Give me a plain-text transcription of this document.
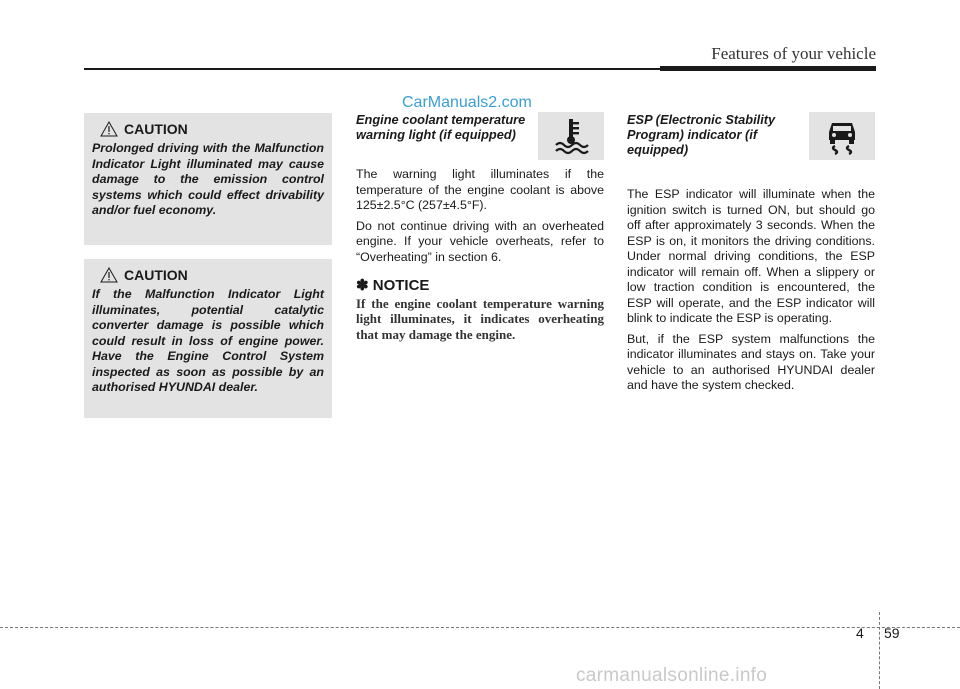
Features of your vehicle
CarManuals2.com
CAUTION
Prolonged driving with the Malfunction Indicator Light illuminated may cause damage to the emission control systems which could effect drivability and/or fuel economy.
CAUTION
If the Malfunction Indicator Light illuminates, potential catalytic converter damage is possible which could result in loss of engine power. Have the Engine Control System inspected as soon as possible by an authorised HYUNDAI dealer.
Engine coolant temperature warning light (if equipped)

The warning light illuminates if the temperature of the engine coolant is above 125±2.5°C (257±4.5°F).

Do not continue driving with an overheated engine. If your vehicle overheats, refer to “Overheating” in section 6.

✽ NOTICE
If the engine coolant temperature warning light illuminates, it indicates overheating that may damage the engine.
ESP (Electronic Stability Program) indicator (if equipped)

The ESP indicator will illuminate when the ignition switch is turned ON, but should go off after approximately 3 seconds. When the ESP is on, it monitors the driving conditions. Under normal driving conditions, the ESP indicator will remain off. When a slippery or low traction condition is encountered, the ESP will operate, and the ESP indicator will blink to indicate the ESP is operating.

But, if the ESP system malfunctions the indicator illuminates and stays on. Take your vehicle to an authorised HYUNDAI dealer and have the system checked.

4 59
carmanualsonline.info
